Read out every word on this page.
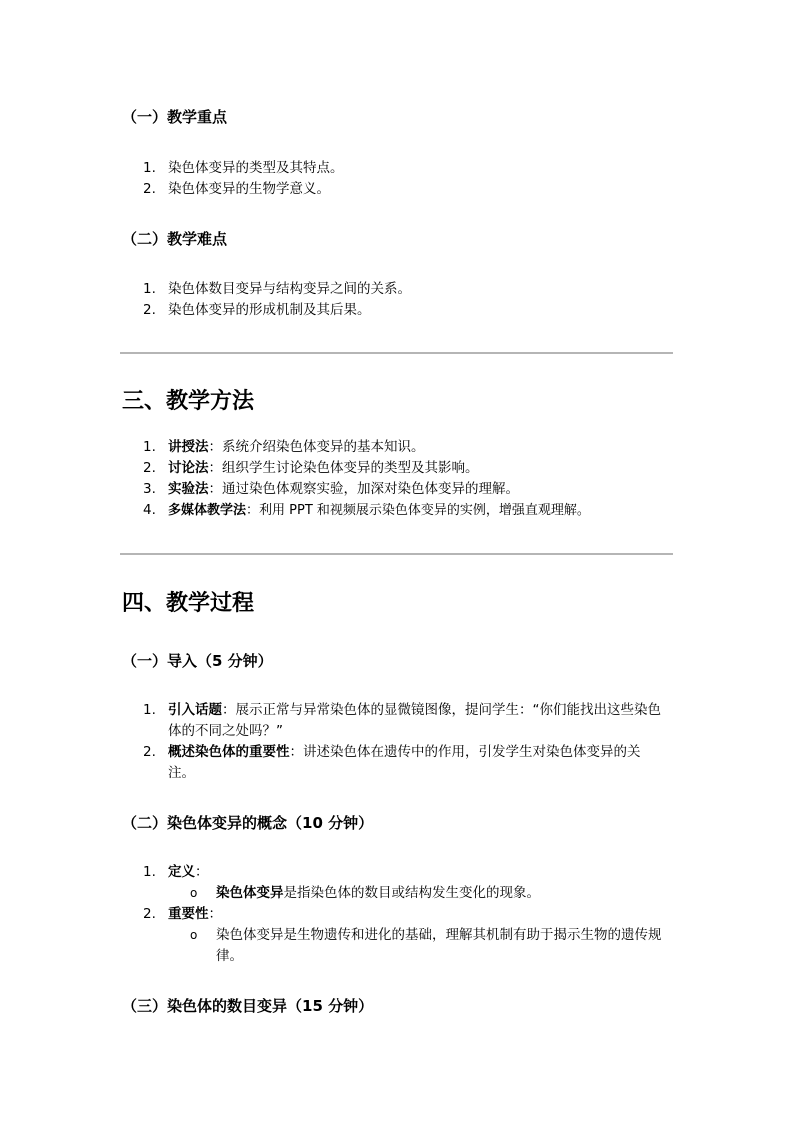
（一）教学重点
1. 染色体变异的类型及其特点。
2. 染色体变异的生物学意义。
（二）教学难点
1. 染色体数目变异与结构变异之间的关系。
2. 染色体变异的形成机制及其后果。
三、教学方法
1. 讲授法：系统介绍染色体变异的基本知识。
2. 讨论法：组织学生讨论染色体变异的类型及其影响。
3. 实验法：通过染色体观察实验，加深对染色体变异的理解。
4. 多媒体教学法：利用 PPT 和视频展示染色体变异的实例，增强直观理解。
四、教学过程
（一）导入（5 分钟）
1. 引入话题：展示正常与异常染色体的显微镜图像，提问学生：“你们能找出这些染色体的不同之处吗？”
2. 概述染色体的重要性：讲述染色体在遗传中的作用，引发学生对染色体变异的关注。
（二）染色体变异的概念（10 分钟）
1. 定义：
o 染色体变异是指染色体的数目或结构发生变化的现象。
2. 重要性：
o 染色体变异是生物遗传和进化的基础，理解其机制有助于揭示生物的遗传规律。
（三）染色体的数目变异（15 分钟）
